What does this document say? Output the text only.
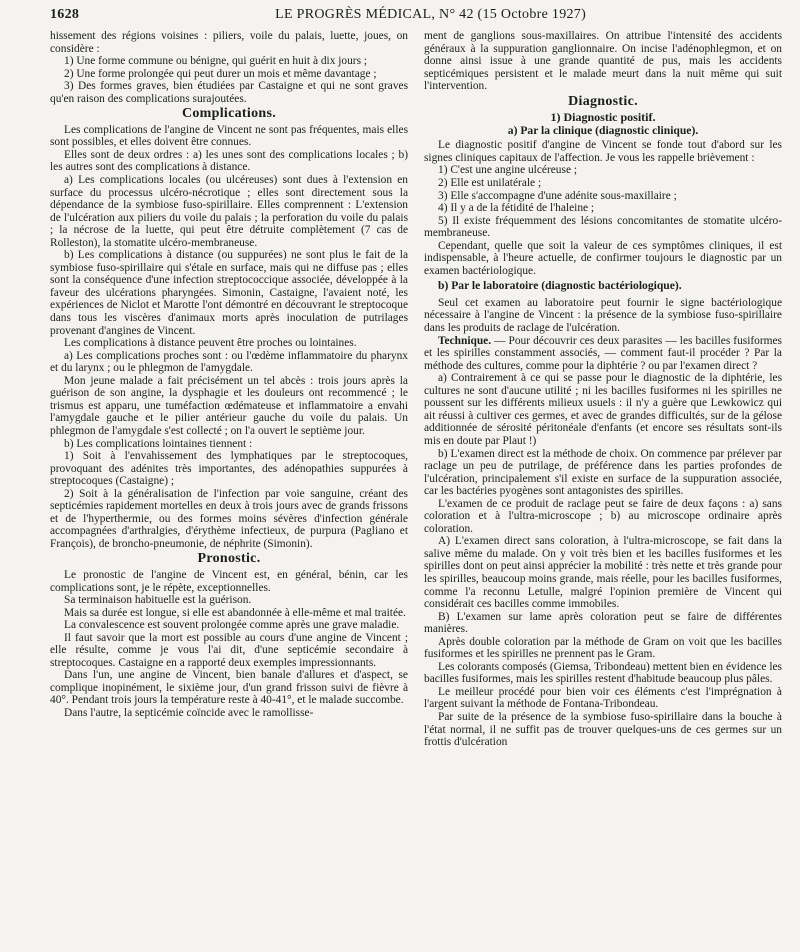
1628	LE PROGRÈS MÉDICAL, N° 42 (15 Octobre 1927)

hissement des régions voisines : piliers, voile du palais, luette, joues, on considère :

1) Une forme commune ou bénigne, qui guérit en huit à dix jours ;

2) Une forme prolongée qui peut durer un mois et même davantage ;

3) Des formes graves, bien étudiées par Castaigne et qui ne sont graves qu'en raison des complications surajoutées.

Complications.

Les complications de l'angine de Vincent ne sont pas fréquentes, mais elles sont possibles, et elles doivent être connues.

Elles sont de deux ordres : a) les unes sont des complications locales ; b) les autres sont des complications à distance.

a) Les complications locales (ou ulcéreuses) sont dues à l'extension en surface du processus ulcéro-nécrotique ; elles sont directement sous la dépendance de la symbiose fuso-spirillaire. Elles comprennent : L'extension de l'ulcération aux piliers du voile du palais ; la perforation du voile du palais ; la nécrose de la luette, qui peut être détruite complètement (7 cas de Rolleston), la stomatite ulcéro-membraneuse.

b) Les complications à distance (ou suppurées) ne sont plus le fait de la symbiose fuso-spirillaire qui s'étale en surface, mais qui ne diffuse pas ; elles sont la conséquence d'une infection streptococcique associée, développée à la faveur des ulcérations pharyngées. Simonin, Castaigne, l'avaient noté, les expériences de Niclot et Marotte l'ont démontré en découvrant le streptocoque dans tous les viscères d'animaux morts après inoculation de putrilages provenant d'angines de Vincent.

Les complications à distance peuvent être proches ou lointaines.

a) Les complications proches sont : ou l'œdème inflammatoire du pharynx et du larynx ; ou le phlegmon de l'amygdale.

Mon jeune malade a fait précisément un tel abcès : trois jours après la guérison de son angine, la dysphagie et les douleurs ont recommencé ; le trismus est apparu, une tuméfaction œdémateuse et inflammatoire a envahi l'amygdale gauche et le pilier antérieur gauche du voile du palais. Un phlegmon de l'amygdale s'est collecté ; on l'a ouvert le septième jour.

b) Les complications lointaines tiennent :

1) Soit à l'envahissement des lymphatiques par le streptocoques, provoquant des adénites très importantes, des adénopathies suppurées à streptocoques (Castaigne) ;

2) Soit à la généralisation de l'infection par voie sanguine, créant des septicémies rapidement mortelles en deux à trois jours avec de grands frissons et de l'hyperthermie, ou des formes moins sévères d'infection générale accompagnées d'arthralgies, d'érythème infectieux, de purpura (Pagliano et François), de broncho-pneumonie, de néphrite (Simonin).

Pronostic.

Le pronostic de l'angine de Vincent est, en général, bénin, car les complications sont, je le répète, exceptionnelles.

Sa terminaison habituelle est la guérison.

Mais sa durée est longue, si elle est abandonnée à elle-même et mal traitée.

La convalescence est souvent prolongée comme après une grave maladie.

Il faut savoir que la mort est possible au cours d'une angine de Vincent ; elle résulte, comme je vous l'ai dit, d'une septicémie secondaire à streptocoques. Castaigne en a rapporté deux exemples impressionnants.

Dans l'un, une angine de Vincent, bien banale d'allures et d'aspect, se complique inopinément, le sixième jour, d'un grand frisson suivi de fièvre à 40°. Pendant trois jours la température reste à 40-41°, et le malade succombe.

Dans l'autre, la septicémie coïncide avec le ramollisse-

ment de ganglions sous-maxillaires. On attribue l'intensité des accidents généraux à la suppuration ganglionnaire. On incise l'adénophlegmon, et on donne ainsi issue à une grande quantité de pus, mais les accidents septicémiques persistent et le malade meurt dans la nuit même qui suit l'intervention.

Diagnostic.
1) Diagnostic positif.
a) Par la clinique (diagnostic clinique).

Le diagnostic positif d'angine de Vincent se fonde tout d'abord sur les signes cliniques capitaux de l'affection. Je vous les rappelle brièvement :

1) C'est une angine ulcéreuse ;

2) Elle est unilatérale ;

3) Elle s'accompagne d'une adénite sous-maxillaire ;

4) Il y a de la fétidité de l'haleine ;

5) Il existe fréquemment des lésions concomitantes de stomatite ulcéro-membraneuse.

Cependant, quelle que soit la valeur de ces symptômes cliniques, il est indispensable, à l'heure actuelle, de confirmer toujours le diagnostic par un examen bactériologique.

b) Par le laboratoire (diagnostic bactériologique).

Seul cet examen au laboratoire peut fournir le signe bactériologique nécessaire à l'angine de Vincent : la présence de la symbiose fuso-spirillaire dans les produits de raclage de l'ulcération.

Technique. — Pour découvrir ces deux parasites — les bacilles fusiformes et les spirilles constamment associés, — comment faut-il procéder ? Par la méthode des cultures, comme pour la diphtérie ? ou par l'examen direct ?

a) Contrairement à ce qui se passe pour le diagnostic de la diphtérie, les cultures ne sont d'aucune utilité ; ni les bacilles fusiformes ni les spirilles ne poussent sur les différents milieux usuels : il n'y a guère que Lewkowicz qui ait réussi à cultiver ces germes, et avec de grandes difficultés, sur de la gélose additionnée de sérosité péritonéale d'enfants (et encore ses résultats sont-ils mis en doute par Plaut !)

b) L'examen direct est la méthode de choix. On commence par prélever par raclage un peu de putrilage, de préférence dans les parties profondes de l'ulcération, principalement s'il existe en surface de la suppuration associée, car les bactéries pyogènes sont antagonistes des spirilles.

L'examen de ce produit de raclage peut se faire de deux façons : a) sans coloration et à l'ultra-microscope ; b) au microscope ordinaire après coloration.

A) L'examen direct sans coloration, à l'ultra-microscope, se fait dans la salive même du malade. On y voit très bien et les bacilles fusiformes et les spirilles dont on peut ainsi apprécier la mobilité : très nette et très grande pour les spirilles, beaucoup moins grande, mais réelle, pour les bacilles fusiformes, comme l'a reconnu Letulle, malgré l'opinion première de Vincent qui considérait ces bacilles comme immobiles.

B) L'examen sur lame après coloration peut se faire de différentes manières.

Après double coloration par la méthode de Gram on voit que les bacilles fusiformes et les spirilles ne prennent pas le Gram.

Les colorants composés (Giemsa, Tribondeau) mettent bien en évidence les bacilles fusiformes, mais les spirilles restent d'habitude beaucoup plus pâles.

Le meilleur procédé pour bien voir ces éléments c'est l'imprégnation à l'argent suivant la méthode de Fontana-Tribondeau.

Par suite de la présence de la symbiose fuso-spirillaire dans la bouche à l'état normal, il ne suffit pas de trouver quelques-uns de ces germes sur un frottis d'ulcération
